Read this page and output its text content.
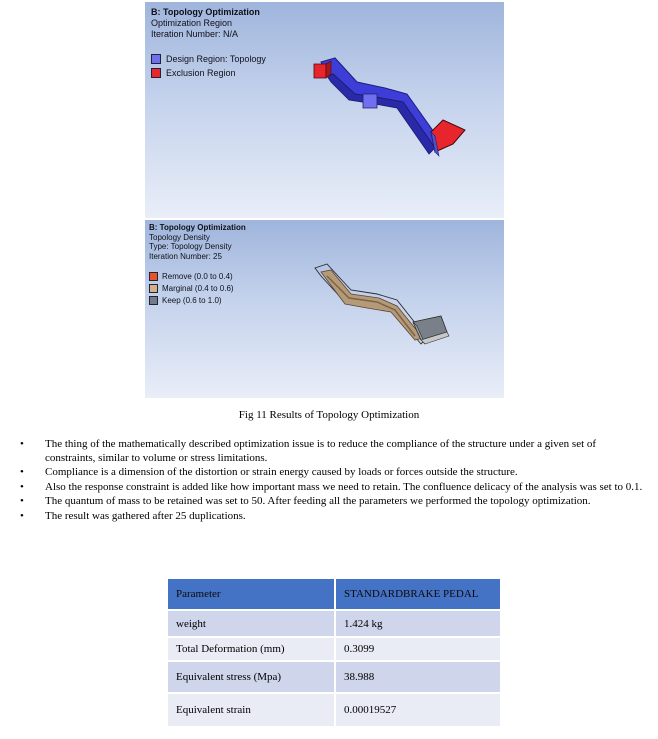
B: Topology Optimization
Optimization Region
Iteration Number: N/A
Design Region: Topology
Exclusion Region
B: Topology Optimization
Topology Density
Type: Topology Density
Iteration Number: 25
Remove (0.0 to 0.4)
Marginal (0.4 to 0.6)
Keep (0.6 to 1.0)
Fig 11 Results of Topology Optimization
• The thing of the mathematically described optimization issue is to reduce the compliance of the structure under a given set of constraints, similar to volume or stress limitations.
• Compliance is a dimension of the distortion or strain energy caused by loads or forces outside the structure.
• Also the response constraint is added like how important mass we need to retain. The confluence delicacy of the analysis was set to 0.1.
• The quantum of mass to be retained was set to 50. After feeding all the parameters we performed the topology optimization.
• The result was gathered after 25 duplications.
Parameter	STANDARDBRAKE PEDAL
weight	1.424 kg
Total Deformation (mm)	0.3099
Equivalent stress (Mpa)	38.988
Equivalent strain	0.00019527
